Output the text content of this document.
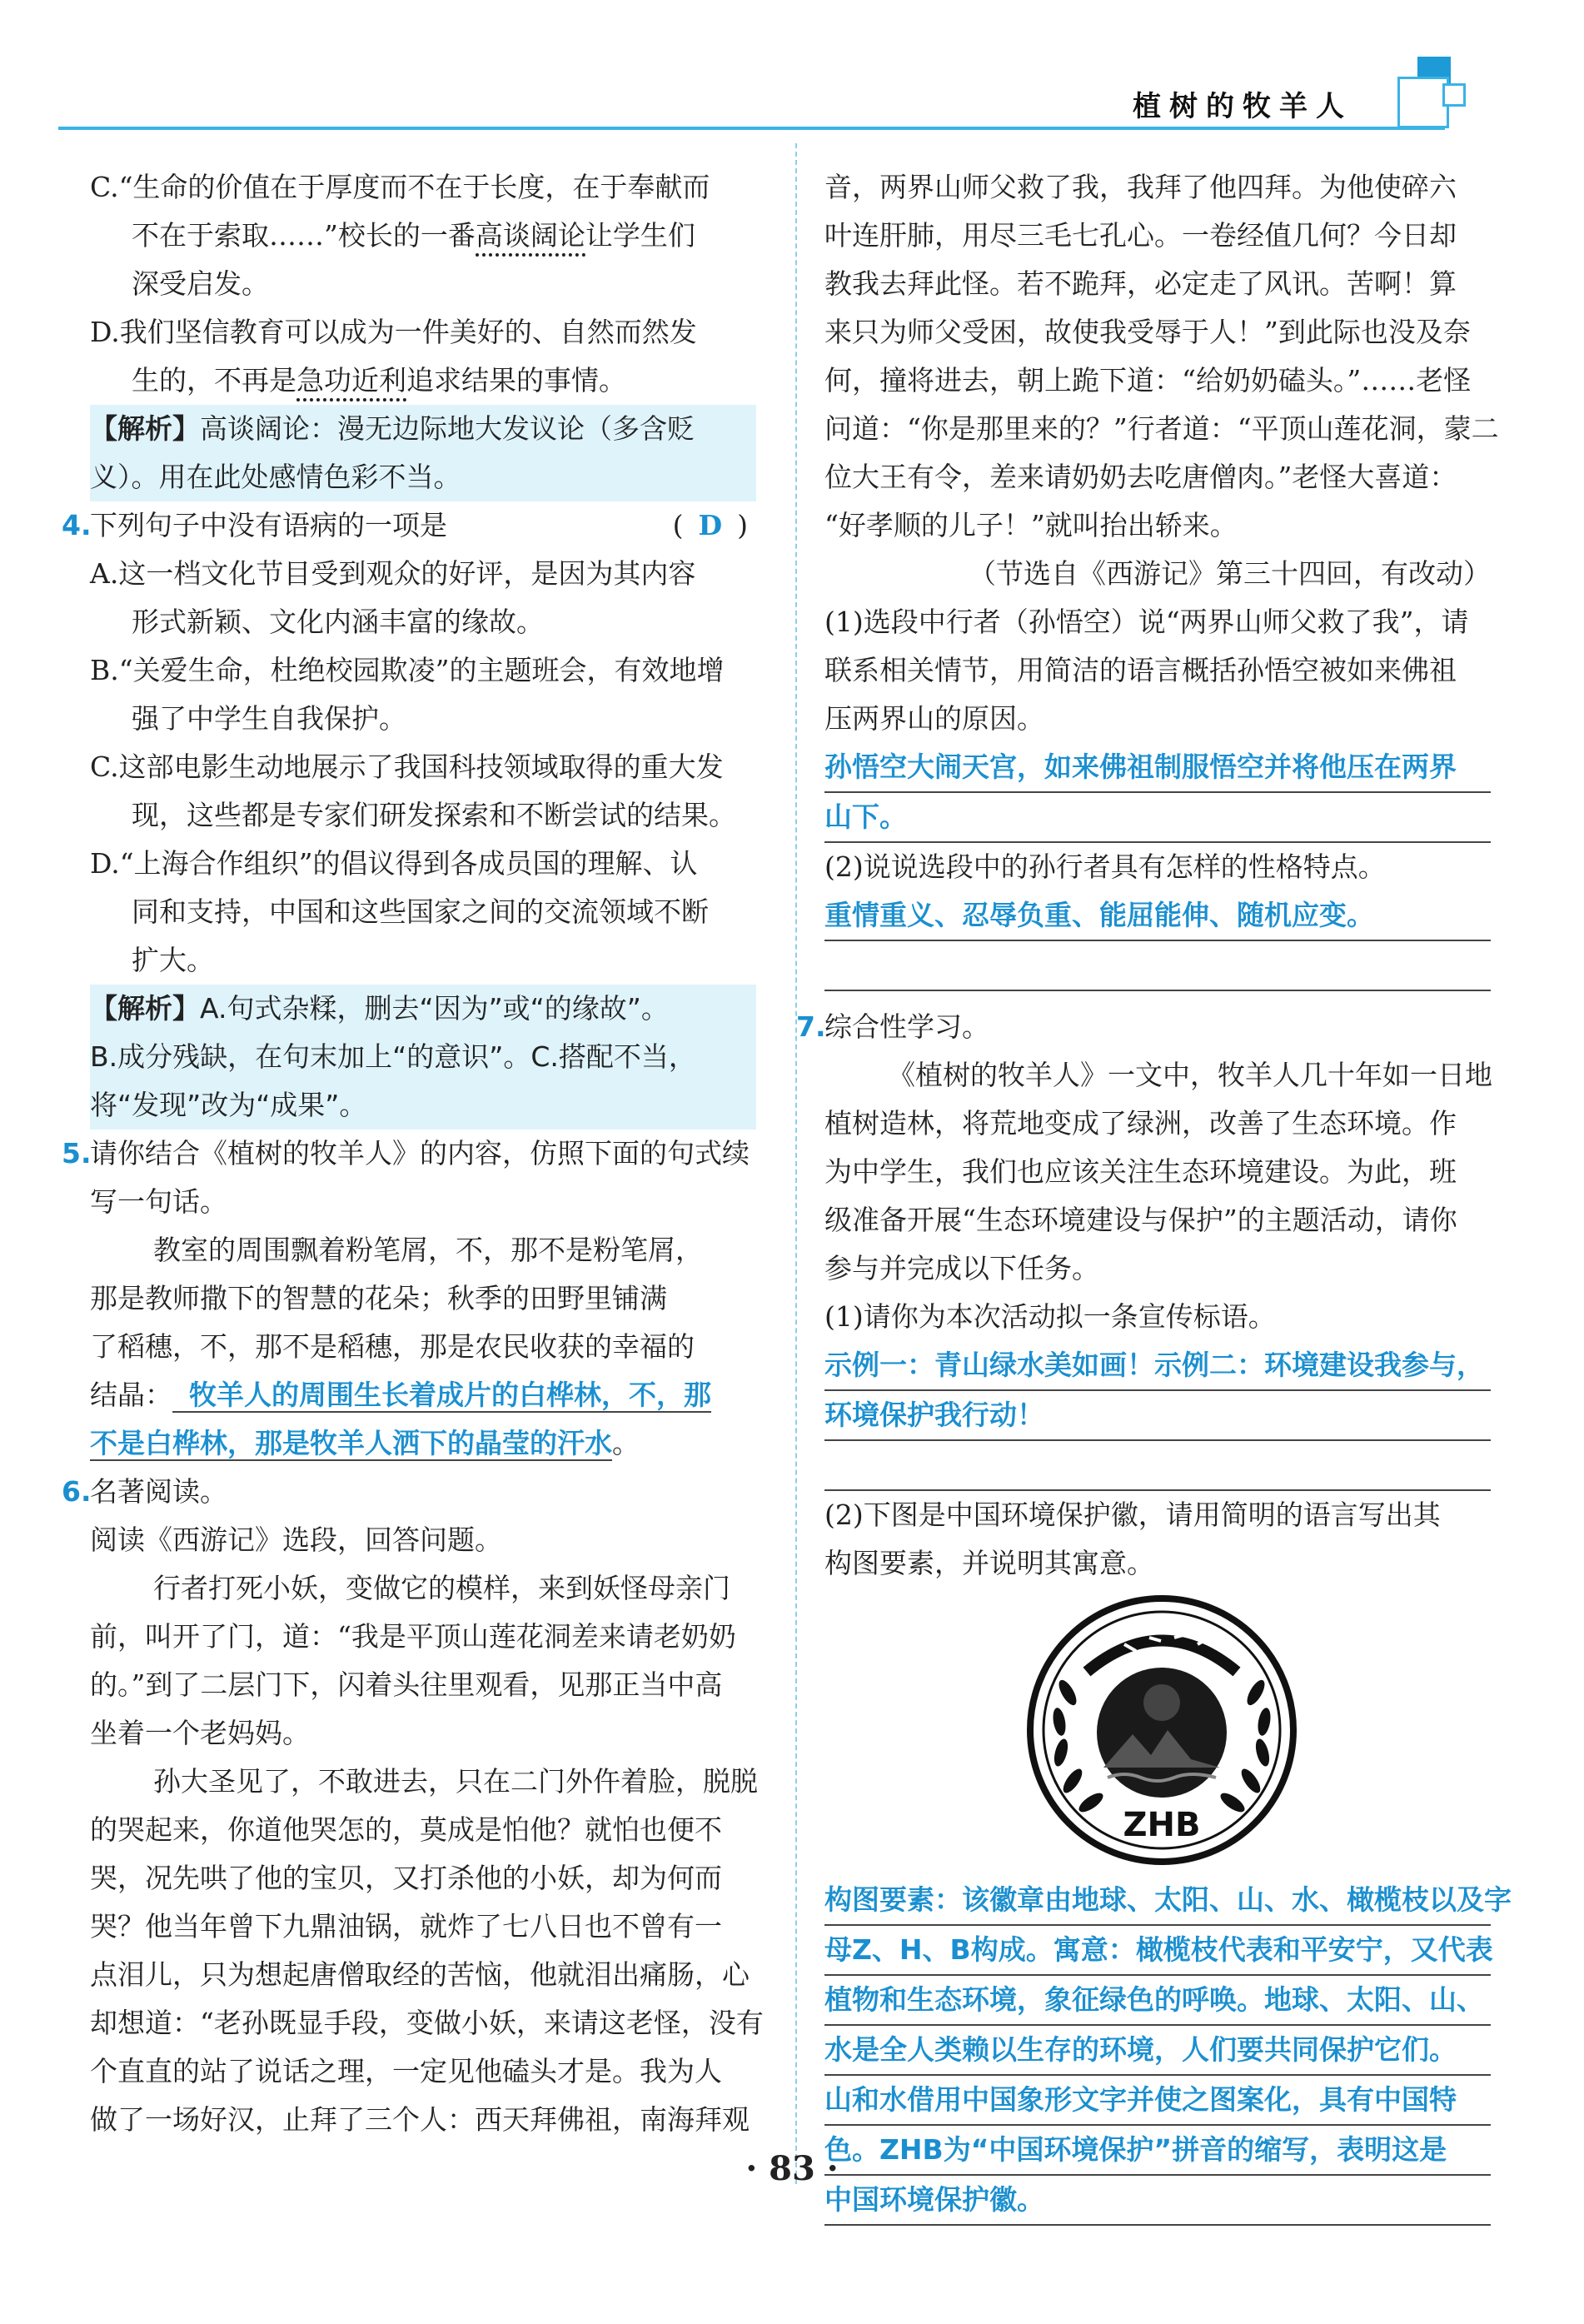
植树的牧羊人
C.“生命的价值在于厚度而不在于长度，在于奉献而
不在于索取……”校长的一番高谈阔论让学生们
深受启发。
D.我们坚信教育可以成为一件美好的、自然而然发
生的，不再是急功近利追求结果的事情。
【解析】高谈阔论：漫无边际地大发议论（多含贬
义）。用在此处感情色彩不当。
4.
下列句子中没有语病的一项是	( D )
A.这一档文化节目受到观众的好评，是因为其内容
形式新颖、文化内涵丰富的缘故。
B.“关爱生命，杜绝校园欺凌”的主题班会，有效地增
强了中学生自我保护。
C.这部电影生动地展示了我国科技领域取得的重大发
现，这些都是专家们研发探索和不断尝试的结果。
D.“上海合作组织”的倡议得到各成员国的理解、认
同和支持，中国和这些国家之间的交流领域不断
扩大。
【解析】A.句式杂糅，删去“因为”或“的缘故”。
B.成分残缺，在句末加上“的意识”。C.搭配不当，
将“发现”改为“成果”。
5.
请你结合《植树的牧羊人》的内容，仿照下面的句式续
写一句话。
教室的周围飘着粉笔屑，不，那不是粉笔屑，
那是教师撒下的智慧的花朵；秋季的田野里铺满
了稻穗，不，那不是稻穗，那是农民收获的幸福的
结晶： 牧羊人的周围生长着成片的白桦林，不，那
不是白桦林，那是牧羊人洒下的晶莹的汗水。
6.
名著阅读。
阅读《西游记》选段，回答问题。
行者打死小妖，变做它的模样，来到妖怪母亲门
前，叫开了门，道：“我是平顶山莲花洞差来请老奶奶
的。”到了二层门下，闪着头往里观看，见那正当中高
坐着一个老妈妈。
孙大圣见了，不敢进去，只在二门外仵着脸，脱脱
的哭起来，你道他哭怎的，莫成是怕他？就怕也便不
哭，况先哄了他的宝贝，又打杀他的小妖，却为何而
哭？他当年曾下九鼎油锅，就炸了七八日也不曾有一
点泪儿，只为想起唐僧取经的苦恼，他就泪出痛肠，心
却想道：“老孙既显手段，变做小妖，来请这老怪，没有
个直直的站了说话之理，一定见他磕头才是。我为人
做了一场好汉，止拜了三个人：西天拜佛祖，南海拜观
音，两界山师父救了我，我拜了他四拜。为他使碎六
叶连肝肺，用尽三毛七孔心。一卷经值几何？今日却
教我去拜此怪。若不跪拜，必定走了风讯。苦啊！算
来只为师父受困，故使我受辱于人！”到此际也没及奈
何，撞将进去，朝上跪下道：“给奶奶磕头。”……老怪
问道：“你是那里来的？”行者道：“平顶山莲花洞，蒙二
位大王有令，差来请奶奶去吃唐僧肉。”老怪大喜道：
“好孝顺的儿子！”就叫抬出轿来。
（节选自《西游记》第三十四回，有改动）
(1)选段中行者（孙悟空）说“两界山师父救了我”，请
联系相关情节，用简洁的语言概括孙悟空被如来佛祖
压两界山的原因。
孙悟空大闹天宫，如来佛祖制服悟空并将他压在两界
山下。
(2)说说选段中的孙行者具有怎样的性格特点。
重情重义、忍辱负重、能屈能伸、随机应变。
7.
综合性学习。
《植树的牧羊人》一文中，牧羊人几十年如一日地
植树造林，将荒地变成了绿洲，改善了生态环境。作
为中学生，我们也应该关注生态环境建设。为此，班
级准备开展“生态环境建设与保护”的主题活动，请你
参与并完成以下任务。
(1)请你为本次活动拟一条宣传标语。
示例一：青山绿水美如画！示例二：环境建设我参与，
环境保护我行动！
(2)下图是中国环境保护徽，请用简明的语言写出其
构图要素，并说明其寓意。
ZHB
构图要素：该徽章由地球、太阳、山、水、橄榄枝以及字
母Z、H、B构成。寓意：橄榄枝代表和平安宁，又代表
植物和生态环境，象征绿色的呼唤。地球、太阳、山、
水是全人类赖以生存的环境，人们要共同保护它们。
山和水借用中国象形文字并使之图案化，具有中国特
色。ZHB为“中国环境保护”拼音的缩写，表明这是
中国环境保护徽。
· 83 ·
